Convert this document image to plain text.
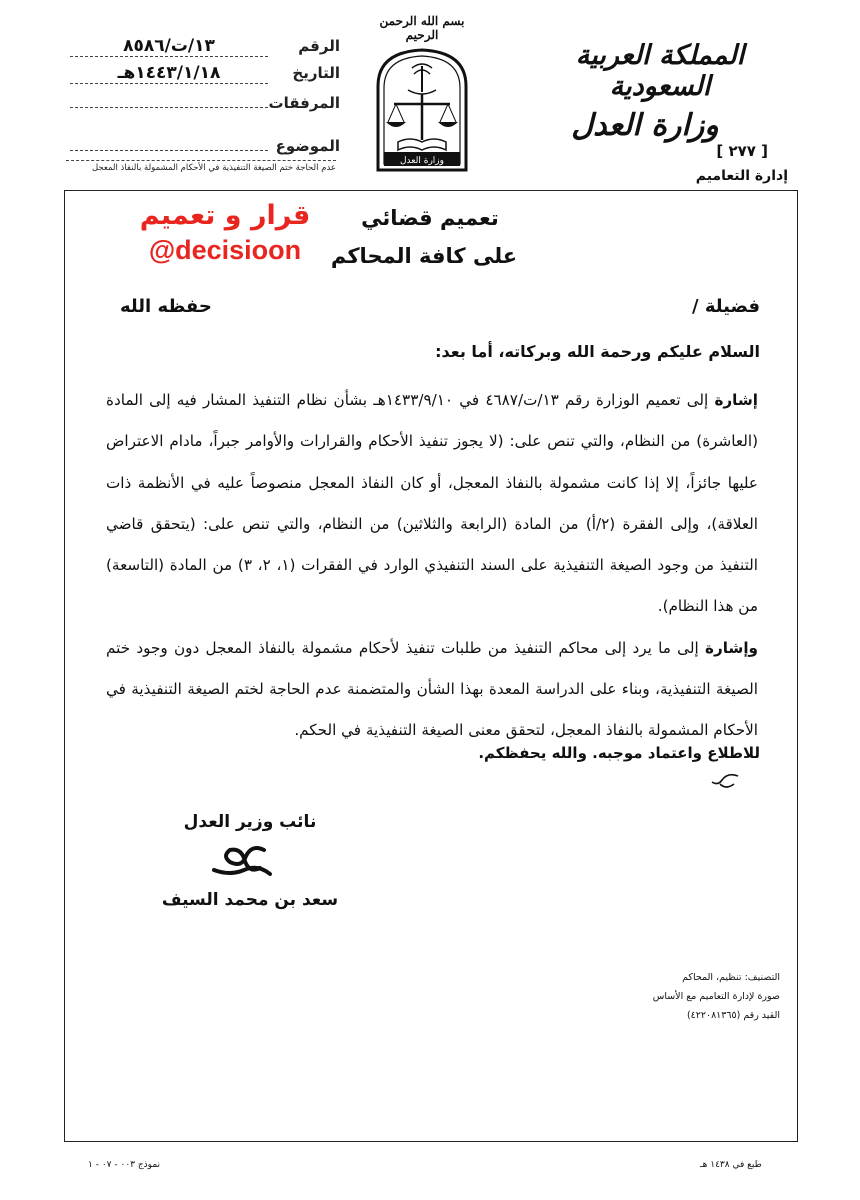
الرقم
١٣/ت/٨٥٨٦
التاريخ
١٤٤٣/١/١٨هـ
المرفقات
الموضوع
عدم الحاجة ختم الصيغة التنفيذية في الأحكام المشمولة بالنفاذ المعجل
بسم الله الرحمن الرحيم
وزارة العدل
المملكة العربية السعودية
وزارة العدل
[ ٢٧٧ ]
إدارة التعاميم
تعميم قضائي
على كافة المحاكم
قرار و تعميم
@decisioon
فضيلة /
حفظه الله
السلام عليكم ورحمة الله وبركاته، أما بعد:

إشارة إلى تعميم الوزارة رقم ١٣/ت/٤٦٨٧ في ١٤٣٣/٩/١٠هـ بشأن نظام التنفيذ المشار فيه إلى المادة (العاشرة) من النظام، والتي تنص على: (لا يجوز تنفيذ الأحكام والقرارات والأوامر جبراً، مادام الاعتراض عليها جائزاً، إلا إذا كانت مشمولة بالنفاذ المعجل، أو كان النفاذ المعجل منصوصاً عليه في الأنظمة ذات العلاقة)، وإلى الفقرة (٢/أ) من المادة (الرابعة والثلاثين) من النظام، والتي تنص على: (يتحقق قاضي التنفيذ من وجود الصيغة التنفيذية على السند التنفيذي الوارد في الفقرات (١، ٢، ٣) من المادة (التاسعة) من هذا النظام).

وإشارة إلى ما يرد إلى محاكم التنفيذ من طلبات تنفيذ لأحكام مشمولة بالنفاذ المعجل دون وجود ختم الصيغة التنفيذية، وبناء على الدراسة المعدة بهذا الشأن والمتضمنة عدم الحاجة لختم الصيغة التنفيذية في الأحكام المشمولة بالنفاذ المعجل، لتحقق معنى الصيغة التنفيذية في الحكم.

للاطلاع واعتماد موجبه. والله يحفظكم.
نائب وزير العدل
سعد بن محمد السيف
التصنيف: تنظيم، المحاكم
صورة لإدارة التعاميم مع الأساس
القيد رقم (٤٢٢٠٨١٣٦٥)
نموذج ٠٠٣ - ٠٧ - ١	طبع في ١٤٣٨ هـ
